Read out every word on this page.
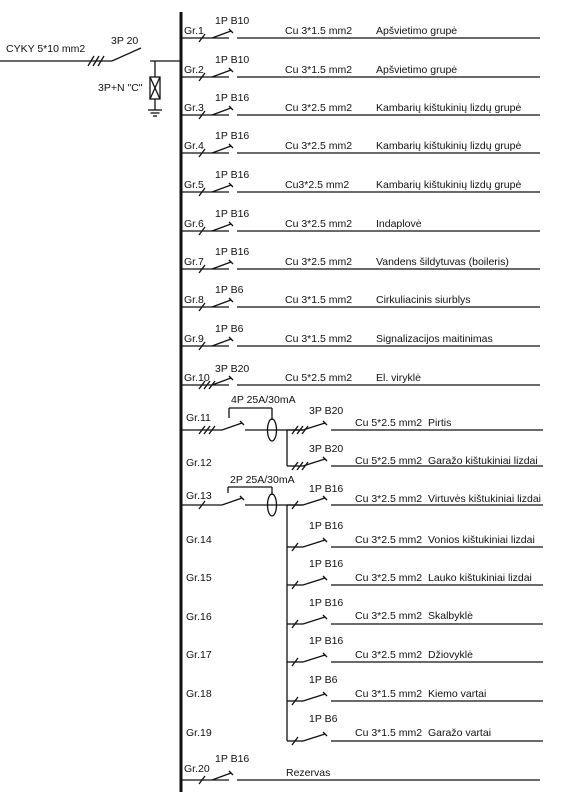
CYKY 5*10 mm2
3P 20
3P+N "C"
Gr.1
1P B10
Cu 3*1.5 mm2 Apšvietimo grupė
Gr.2
1P B10
Cu 3*1.5 mm2 Apšvietimo grupė
Gr.3
1P B16
Cu 3*2.5 mm2 Kambarių kištukinių lizdų grupė
Gr.4
1P B16
Cu 3*2.5 mm2 Kambarių kištukinių lizdų grupė
Gr.5
1P B16
Cu3*2.5 mm2	Kambarių kištukinių lizdų grupė
Gr.6
1P B16
Cu 3*2.5 mm2 Indaplovė
Gr.7
1P B16
Cu 3*2.5 mm2 Vandens šildytuvas (boileris)
Gr.8
1P B6
Cu 3*1.5 mm2 Cirkuliacinis siurblys
Gr.9
1P B6
Cu 3*1.5 mm2 Signalizacijos maitinimas
Gr.10
3P B20
Cu 5*2.5 mm2 El. viryklė
4P 25A/30mA
Gr.11
3P B20
Cu 5*2.5 mm2 Pirtis
Gr.12
3P B20
Cu 5*2.5 mm2 Garažo kištukiniai lizdai
2P 25A/30mA
Gr.13
1P B16
Cu 3*2.5 mm2 Virtuvės kištukiniai lizdai
Gr.14
1P B16
Cu 3*2.5 mm2 Vonios kištukiniai lizdai
Gr.15
1P B16
Cu 3*2.5 mm2 Lauko kištukiniai lizdai
Gr.16
1P B16
Cu 3*2.5 mm2 Skalbyklė
Gr.17
1P B16
Cu 3*2.5 mm2 Džiovyklė
Gr.18
1P B6
Cu 3*1.5 mm2 Kiemo vartai
Gr.19
1P B6
Cu 3*1.5 mm2 Garažo vartai
Gr.20
1P B16
Rezervas
